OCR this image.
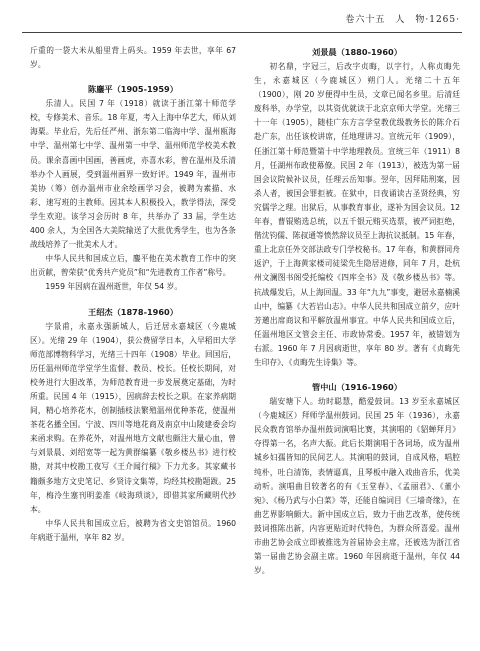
卷六十五　人　物·1265·

斤重的一袋大米从船里背上码头。1959 年去世，享年 67 岁。

陈鏖平（1905-1959）

乐清人。民国 7 年（1918）就读于浙江第十师范学校，专修美术、音乐。18 年夏，考入上海中华艺大，师从刘海粟。毕业后，先后任严州、浙东第二临海中学、温州瓯海中学、温州第七中学、温州第一中学、温州师范学校美术教员。课余喜画中国画，善画虎，亦喜水彩，曾在温州及乐清举办个人画展，受到温州画界一致好评。1949 年，温州市美协（筹）创办温州市业余绘画学习会，被聘为素描、水彩、速写班的主教师。因其本人积极投入，教学得法，深受学生欢迎。该学习会历时 8 年，共举办了 33 届，学生达 400 余人，为全国各大美院输送了大批优秀学生，也为各条战线培养了一批美术人才。

中华人民共和国成立后，鏖平他在美术教育工作中的突出贡献，曾荣获“优秀共产党员”和“先进教育工作者”称号。

1959 年因病在温州逝世，年仅 54 岁。

王绍杰（1878-1960）

字景甫，永嘉永强新城人，后迁居永嘉城区（今鹿城区）。光绪 29 年（1904），获公费留学日本，入早稻田大学师范部博物科学习，光绪三十四年（1908）毕业。回国后，历任温州师范学堂学生监督、教员、校长。任校长期间，对校务进行大胆改革，为师范教育进一步发展奠定基础，为时所重。民国 4 年（1915），因病辞去校长之职。在家养病期间，精心培养花木，创制插枝法繁殖温州优种茶花，使温州茶花名播全国。宁波、四川等地花商及南京中山陵建委会均来函求购。在养花外，对温州地方文献也颇注大量心血，曾与刘景晨、刘绍宽等一起为黄群编纂《敬乡楼丛书》进行校勘，对其中校勘工夜写《王介闻行稿》下力尤多。其家藏书籍颇多地方文史笔记、乡贤诗文集等，均经其校勘题跋。25 年，梅泠生塞刊明姜准《岐海琐谈》，即借其家所藏明代抄本。

中华人民共和国成立后，被聘为省文史馆馆员。1960 年病逝于温州，享年 82 岁。

刘景晨（1880-1960）

初名鼎，字冠三，后改字贞晦，以字行，人称贞晦先生，永嘉城区（今鹿城区）朔门人。光绪二十五年（1900），刚 20 岁便得中生员，文章已闻名乡里。后清廷废科举，办学堂，以其资优就读于北京京师大学堂。光绪三十一年（1905），随桂广东方言学堂教优级教务长的陈介石赴广东，出任该校讲席，任地理讲习。宣统元年（1909），任浙江第十师范暨第十中学地理教员。宣统三年（1911）8 月，任湖州布政使幕僚。民国 2 年（1913），被选为第一届国会议院候补议员，任理云岳知事。翌年，因拜陆刑案，因杀人者，被国会罪拒被。在狱中，日夜诵读古圣贤经典，穷究儒学之理。出狱后，从事教育事业，遂补为国会议员。12 年春，曹锟贿选总统，以五千银元贿买选票，被严词拒绝，偕沈钧儒、陈叔通等愤然辞议员至上海抗议抵制。15 年春，重上北京任外交部法政专门学校秘书。17 年春，和黄群同舟返沪，于上海黄家楼司徒梁先生隐居进修，同年 7 月，赴杭州文澜图书阁受托编校《四库全书》及《敬乡楼丛书》等。抗战爆发后，从上海回温。33 年“九九”事变，避居永嘉楠溪山中，编纂《大若岩山志》。中华人民共和国成立前夕，应叶芳邀出席商议和平解放温州事宜。中华人民共和国成立后，任温州地区文管会主任、市政协常委。1957 年，被错划为右派。1960 年 7 月因病逝世，享年 80 岁。著有《贞晦先生印存》、《贞晦先生诗集》等。

管中山（1916-1960）

瑞安塘下人。幼时聪慧，酷爱鼓词。13 岁至永嘉城区（今鹿城区）拜师学温州鼓词。民国 25 年（1936），永嘉民众教育馆举办温州鼓词演唱比赛，其演唱的《貂蝉拜月》夺得第一名，名声大振。此后长期演唱于各词场，成为温州城乡妇孺皆知的民间艺人。其演唱的鼓词，自成风格，唱腔纯朴，吐白清饰，表情逼真，且琴板中融入戏曲音乐，优美动听。演唱曲目较著名的有《玉堂春》、《孟丽君》、《董小宛》、《杨乃武与小白菜》等，还能自编词目《三墙奇缘》，在曲艺界影响颇大。新中国成立后，致力于曲艺改革，使传统鼓词推陈出新，内容更贴近时代特色，为群众所喜爱。温州市曲艺协会成立即被推选为首届协会主席，还被选为浙江省第一届曲艺协会副主席。1960 年因病逝于温州，年仅 44 岁。
